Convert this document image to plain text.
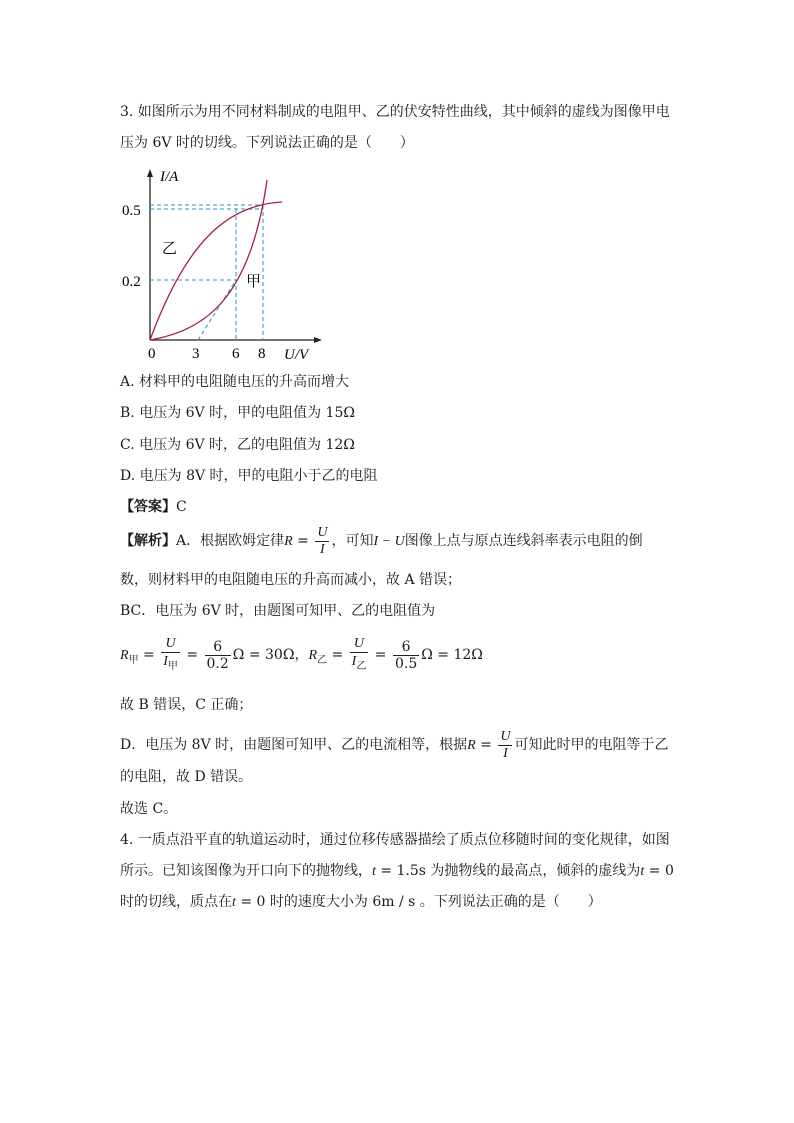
3. 如图所示为用不同材料制成的电阻甲、乙的伏安特性曲线，其中倾斜的虚线为图像甲电
压为 6V 时的切线。下列说法正确的是（　　）
I/A
U/V
0.5
0.2
0 3 6 8
乙
甲
A. 材料甲的电阻随电压的升高而增大
B. 电压为 6V 时，甲的电阻值为 15Ω
C. 电压为 6V 时，乙的电阻值为 12Ω
D. 电压为 8V 时，甲的电阻小于乙的电阻
【答案】C
【解析】A．根据欧姆定律$R = \frac{U}{I}$ ，可知I − U图像上点与原点连线斜率表示电阻的倒
数，则材料甲的电阻随电压的升高而减小，故 A 错误；
BC．电压为 6V 时，由题图可知甲、乙的电阻值为
$R_甲 = \frac{U}{I_甲} = \frac{6}{0.2}$ Ω = 30Ω，$R_乙 = \frac{U}{I_乙} = \frac{6}{0.5}$ Ω = 12Ω
故 B 错误，C 正确；
D．电压为 8V 时，由题图可知甲、乙的电流相等，根据$R = \frac{U}{I}$ 可知此时甲的电阻等于乙
的电阻，故 D 错误。
故选 C。
4. 一质点沿平直的轨道运动时，通过位移传感器描绘了质点位移随时间的变化规律，如图
所示。已知该图像为开口向下的抛物线，t = 1.5s 为抛物线的最高点，倾斜的虚线为t = 0
时的切线，质点在t = 0 时的速度大小为 6m / s 。下列说法正确的是（　　）
